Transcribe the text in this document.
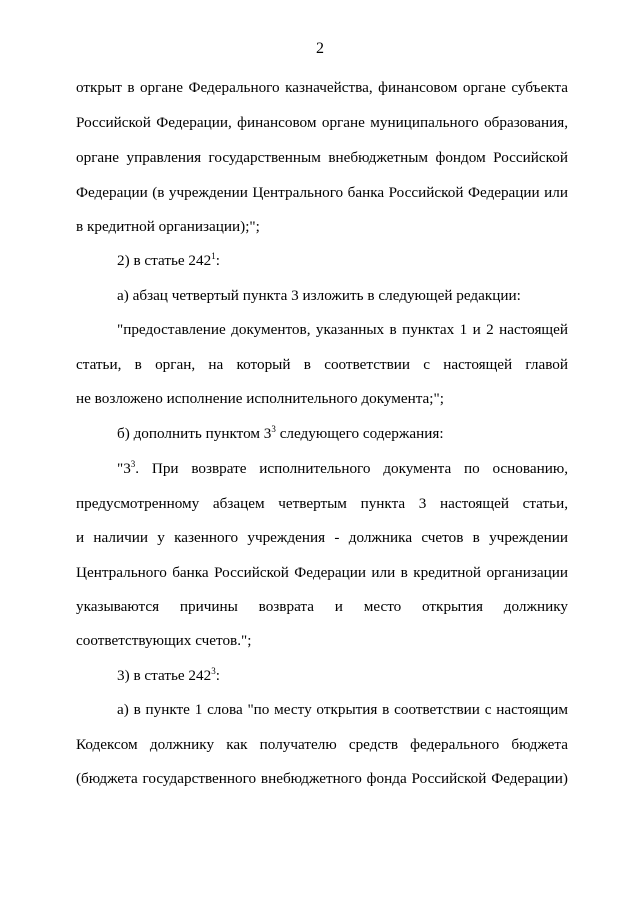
2
открыт в органе Федерального казначейства, финансовом органе субъекта
Российской Федерации, финансовом органе муниципального образования,
органе управления государственным внебюджетным фондом Российской
Федерации (в учреждении Центрального банка Российской Федерации или
в кредитной организации);";
2) в статье $242^1$:
а) абзац четвертый пункта 3 изложить в следующей редакции:
"предоставление документов, указанных в пунктах 1 и 2 настоящей
статьи, в орган, на который в соответствии с настоящей главой
не возложено исполнение исполнительного документа;";
б) дополнить пунктом $3^3$ следующего содержания:
"$3^3$. При возврате исполнительного документа по основанию,
предусмотренному абзацем четвертым пункта 3 настоящей статьи,
и наличии у казенного учреждения - должника счетов в учреждении
Центрального банка Российской Федерации или в кредитной организации
указываются причины возврата и место открытия должнику
соответствующих счетов.";
3) в статье $242^3$:
а) в пункте 1 слова "по месту открытия в соответствии с настоящим
Кодексом должнику как получателю средств федерального бюджета
(бюджета государственного внебюджетного фонда Российской Федерации)
